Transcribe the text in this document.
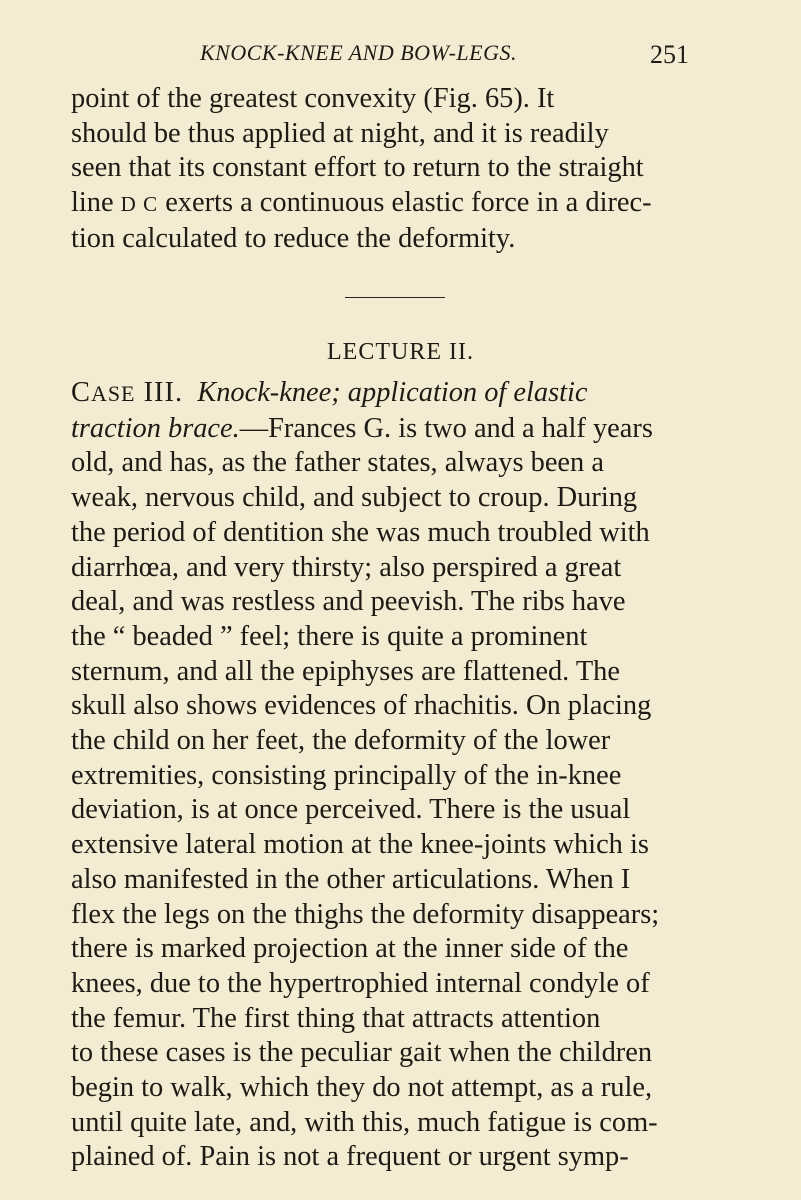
KNOCK-KNEE AND BOW-LEGS.	251
point of the greatest convexity (Fig. 65). It
should be thus applied at night, and it is readily
seen that its constant effort to return to the straight
line D C exerts a continuous elastic force in a direc-
tion calculated to reduce the deformity.
LECTURE II.
CASE III. Knock-knee; application of elastic
traction brace.—Frances G. is two and a half years
old, and has, as the father states, always been a
weak, nervous child, and subject to croup. During
the period of dentition she was much troubled with
diarrhœa, and very thirsty; also perspired a great
deal, and was restless and peevish. The ribs have
the “ beaded ” feel; there is quite a prominent
sternum, and all the epiphyses are flattened. The
skull also shows evidences of rhachitis. On placing
the child on her feet, the deformity of the lower
extremities, consisting principally of the in-knee
deviation, is at once perceived. There is the usual
extensive lateral motion at the knee-joints which is
also manifested in the other articulations. When I
flex the legs on the thighs the deformity disappears;
there is marked projection at the inner side of the
knees, due to the hypertrophied internal condyle of
the femur. The first thing that attracts attention
to these cases is the peculiar gait when the children
begin to walk, which they do not attempt, as a rule,
until quite late, and, with this, much fatigue is com-
plained of. Pain is not a frequent or urgent symp-
